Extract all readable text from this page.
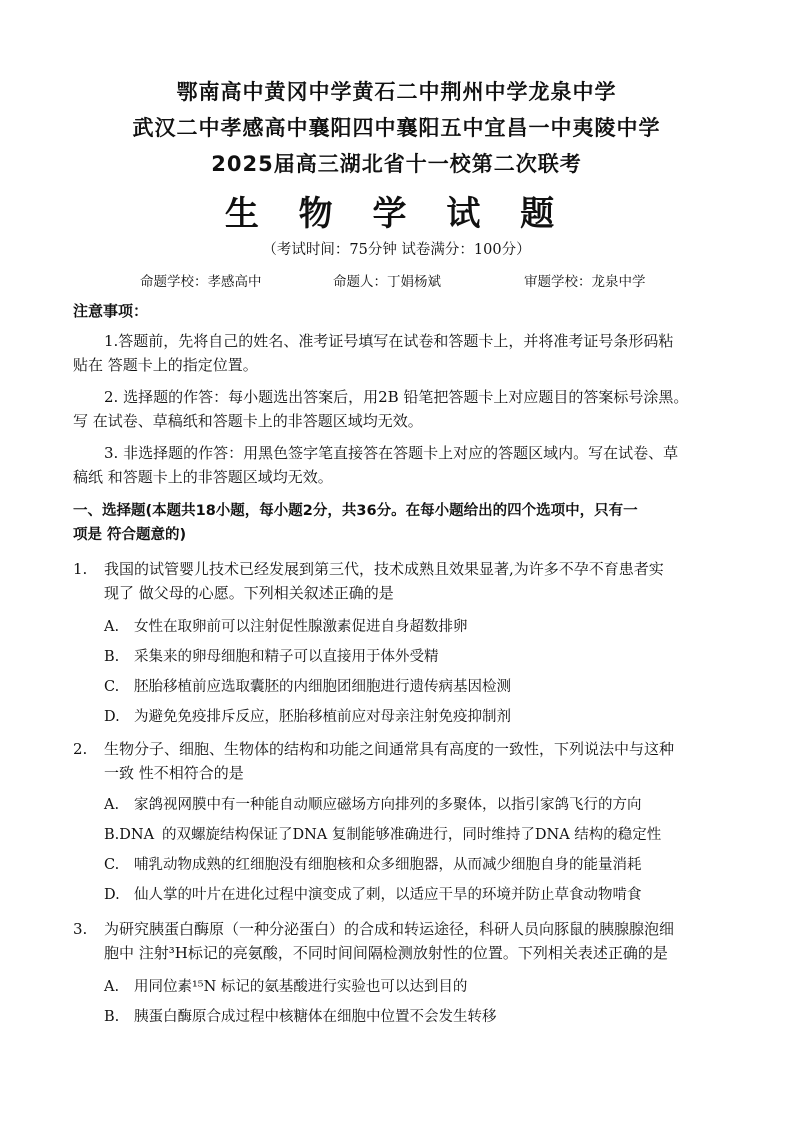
鄂南高中黄冈中学黄石二中荆州中学龙泉中学
武汉二中孝感高中襄阳四中襄阳五中宜昌一中夷陵中学
2025届高三湖北省十一校第二次联考
生 物 学 试 题
（考试时间：75分钟 试卷满分：100分）
命题学校：孝感高中	命题人：丁娟杨斌	审题学校：龙泉中学
注意事项：
1.答题前，先将自己的姓名、准考证号填写在试卷和答题卡上，并将准考证号条形码粘
贴在 答题卡上的指定位置。
2. 选择题的作答：每小题选出答案后，用2B 铅笔把答题卡上对应题目的答案标号涂黑。
写 在试卷、草稿纸和答题卡上的非答题区域均无效。
3. 非选择题的作答：用黑色签字笔直接答在答题卡上对应的答题区域内。写在试卷、草
稿纸 和答题卡上的非答题区域均无效。
一、选择题(本题共18小题，每小题2分，共36分。在每小题给出的四个选项中，只有一
项是 符合题意的)
1. 我国的试管婴儿技术已经发展到第三代，技术成熟且效果显著,为许多不孕不育患者实
现了 做父母的心愿。下列相关叙述正确的是
A. 女性在取卵前可以注射促性腺激素促进自身超数排卵
B. 采集来的卵母细胞和精子可以直接用于体外受精
C. 胚胎移植前应选取囊胚的内细胞团细胞进行遗传病基因检测
D. 为避免免疫排斥反应，胚胎移植前应对母亲注射免疫抑制剂
2. 生物分子、细胞、生物体的结构和功能之间通常具有高度的一致性，下列说法中与这种
一致 性不相符合的是
A. 家鸽视网膜中有一种能自动顺应磁场方向排列的多聚体，以指引家鸽飞行的方向
B.DNA 的双螺旋结构保证了DNA 复制能够准确进行，同时维持了DNA 结构的稳定性
C. 哺乳动物成熟的红细胞没有细胞核和众多细胞器，从而减少细胞自身的能量消耗
D. 仙人掌的叶片在进化过程中演变成了刺，以适应干旱的环境并防止草食动物啃食
3. 为研究胰蛋白酶原（一种分泌蛋白）的合成和转运途径，科研人员向豚鼠的胰腺腺泡细
胞中 注射³H标记的亮氨酸，不同时间间隔检测放射性的位置。下列相关表述正确的是
A. 用同位素¹⁵N 标记的氨基酸进行实验也可以达到目的
B. 胰蛋白酶原合成过程中核糖体在细胞中位置不会发生转移
